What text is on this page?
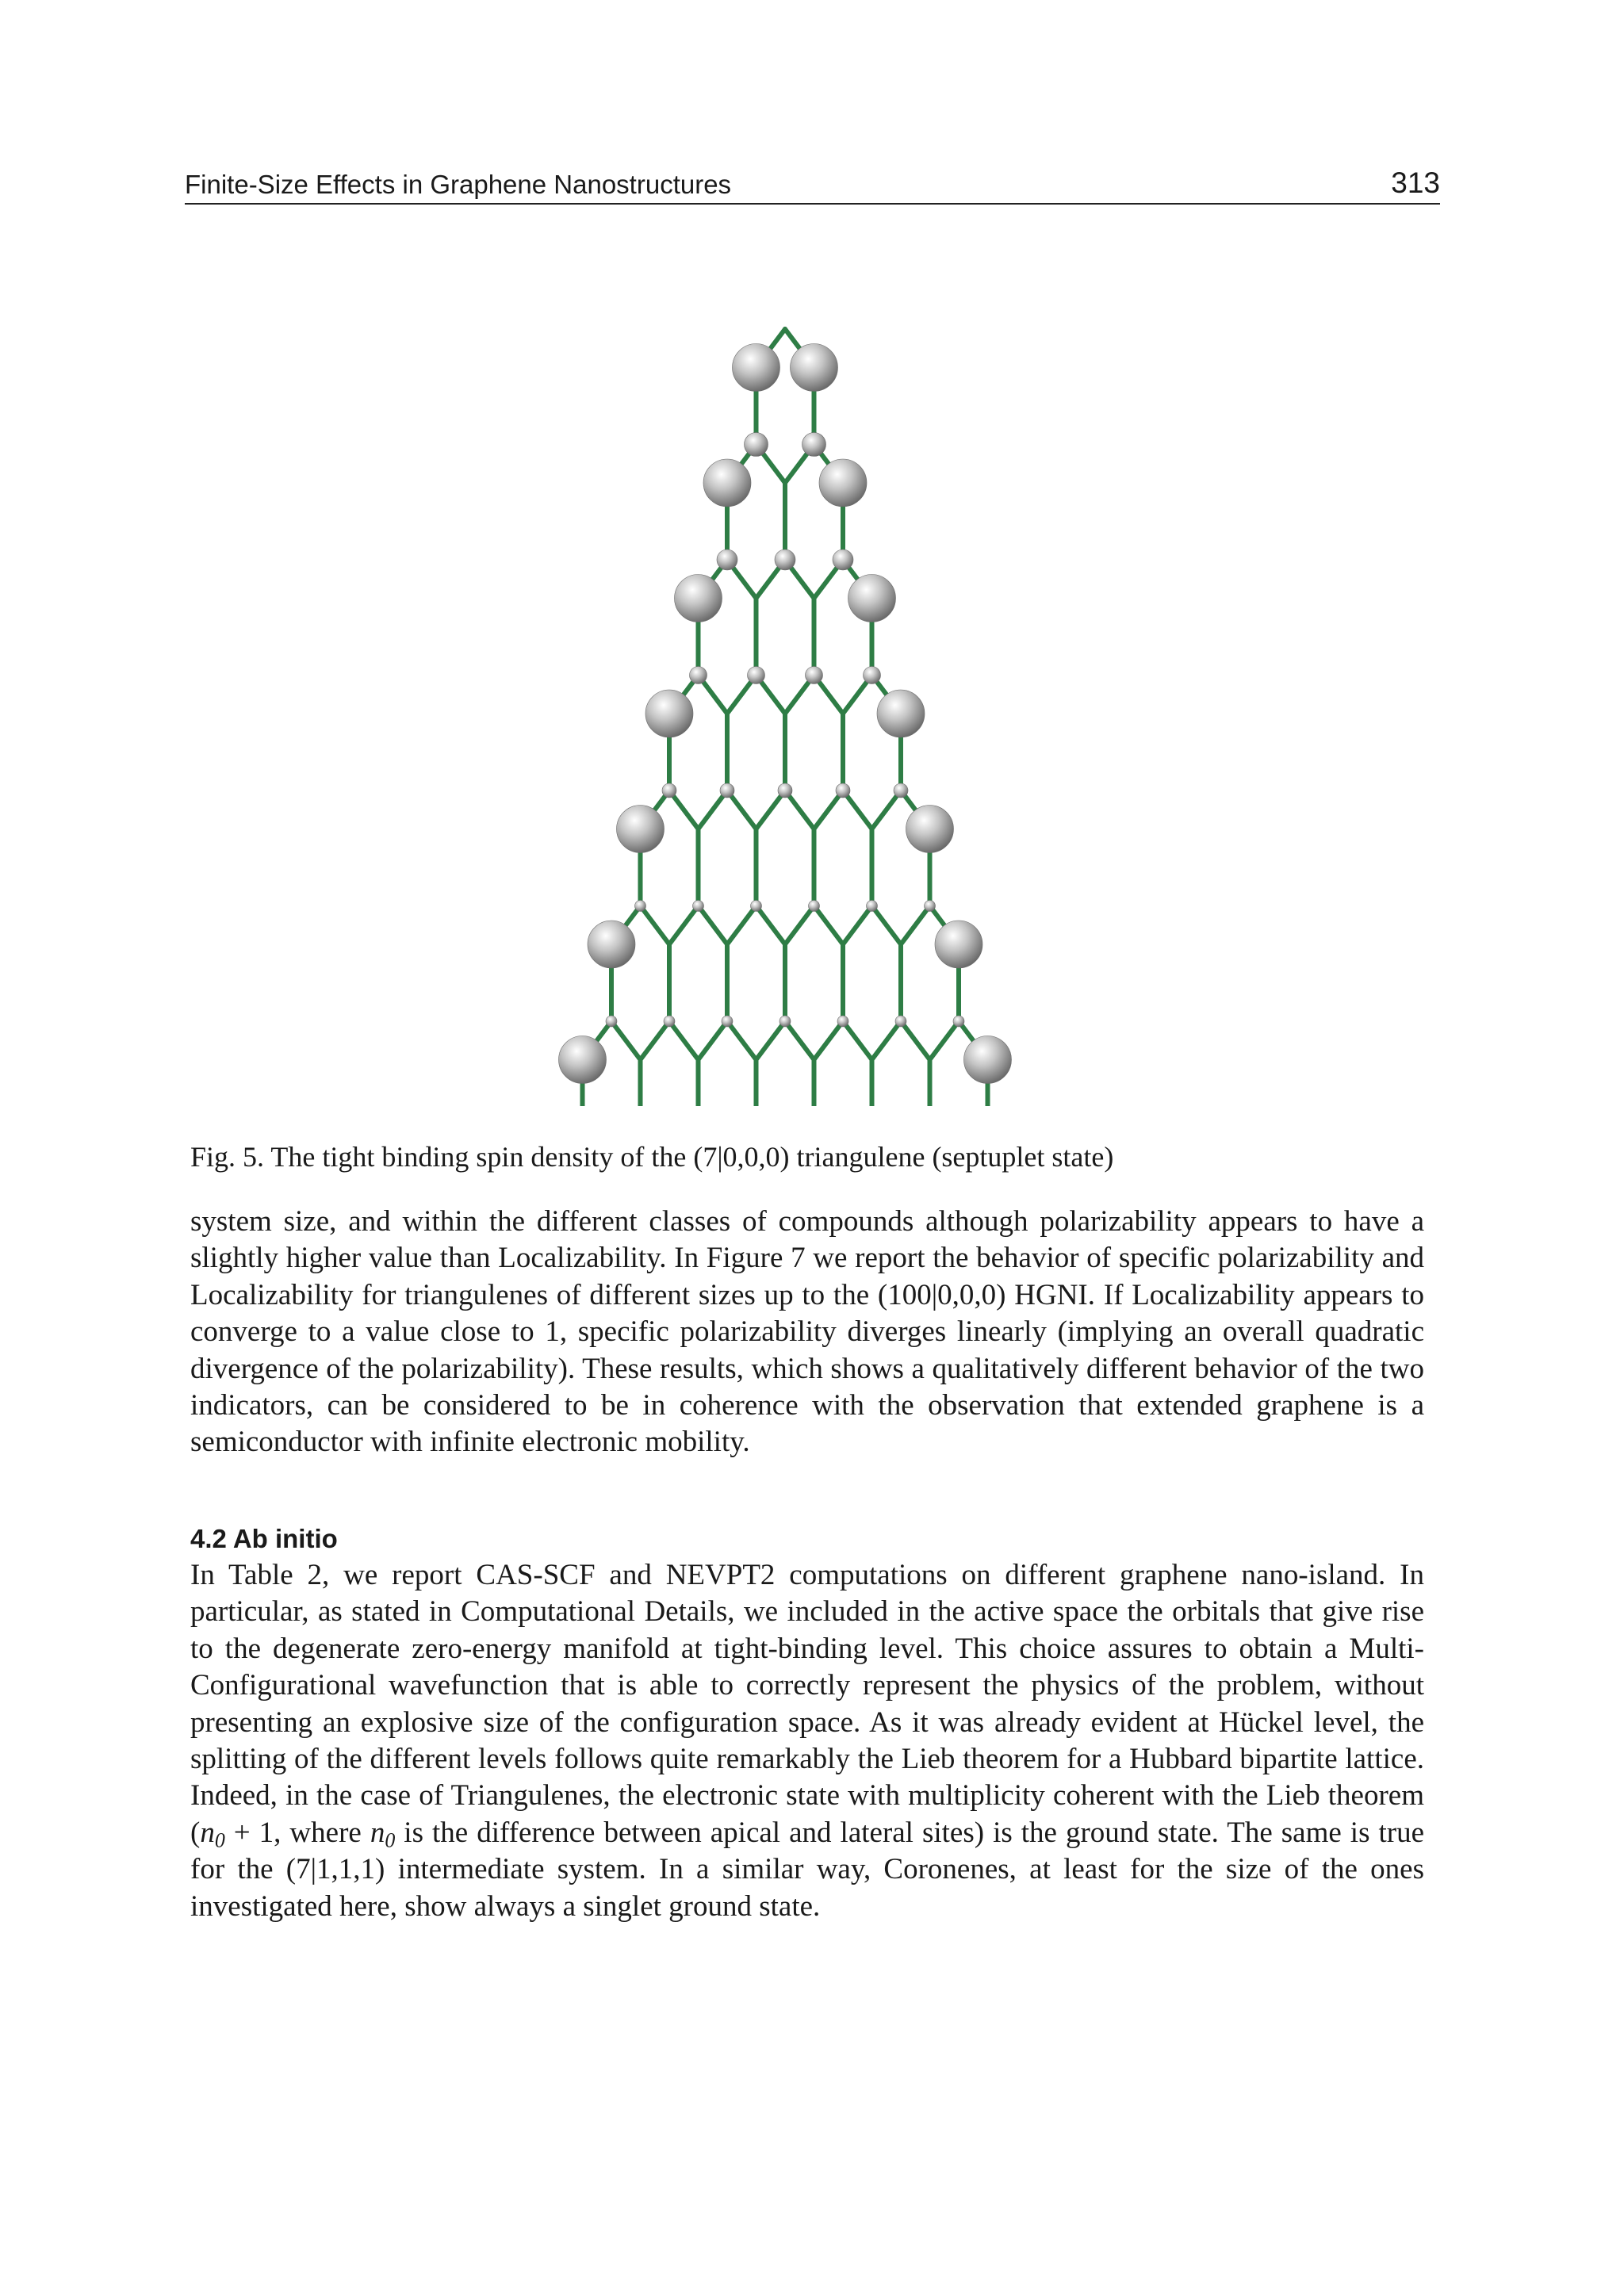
Finite-Size Effects in Graphene Nanostructures	313
Fig. 5. The tight binding spin density of the (7|0,0,0) triangulene (septuplet state)
system size, and within the different classes of compounds although polarizability appears to have a slightly higher value than Localizability. In Figure 7 we report the behavior of specific polarizability and Localizability for triangulenes of different sizes up to the (100|0,0,0) HGNI. If Localizability appears to converge to a value close to 1, specific polarizability diverges linearly (implying an overall quadratic divergence of the polarizability). These results, which shows a qualitatively different behavior of the two indicators, can be considered to be in coherence with the observation that extended graphene is a semiconductor with infinite electronic mobility.
4.2 Ab initio
In Table 2, we report CAS-SCF and NEVPT2 computations on different graphene nano-island. In particular, as stated in Computational Details, we included in the active space the orbitals that give rise to the degenerate zero-energy manifold at tight-binding level. This choice assures to obtain a Multi-Configurational wavefunction that is able to correctly represent the physics of the problem, without presenting an explosive size of the configuration space. As it was already evident at Hückel level, the splitting of the different levels follows quite remarkably the Lieb theorem for a Hubbard bipartite lattice. Indeed, in the case of Triangulenes, the electronic state with multiplicity coherent with the Lieb theorem ($n_0 + 1$, where $n_0$ is the difference between apical and lateral sites) is the ground state. The same is true for the (7|1,1,1) intermediate system. In a similar way, Coronenes, at least for the size of the ones investigated here, show always a singlet ground state.
